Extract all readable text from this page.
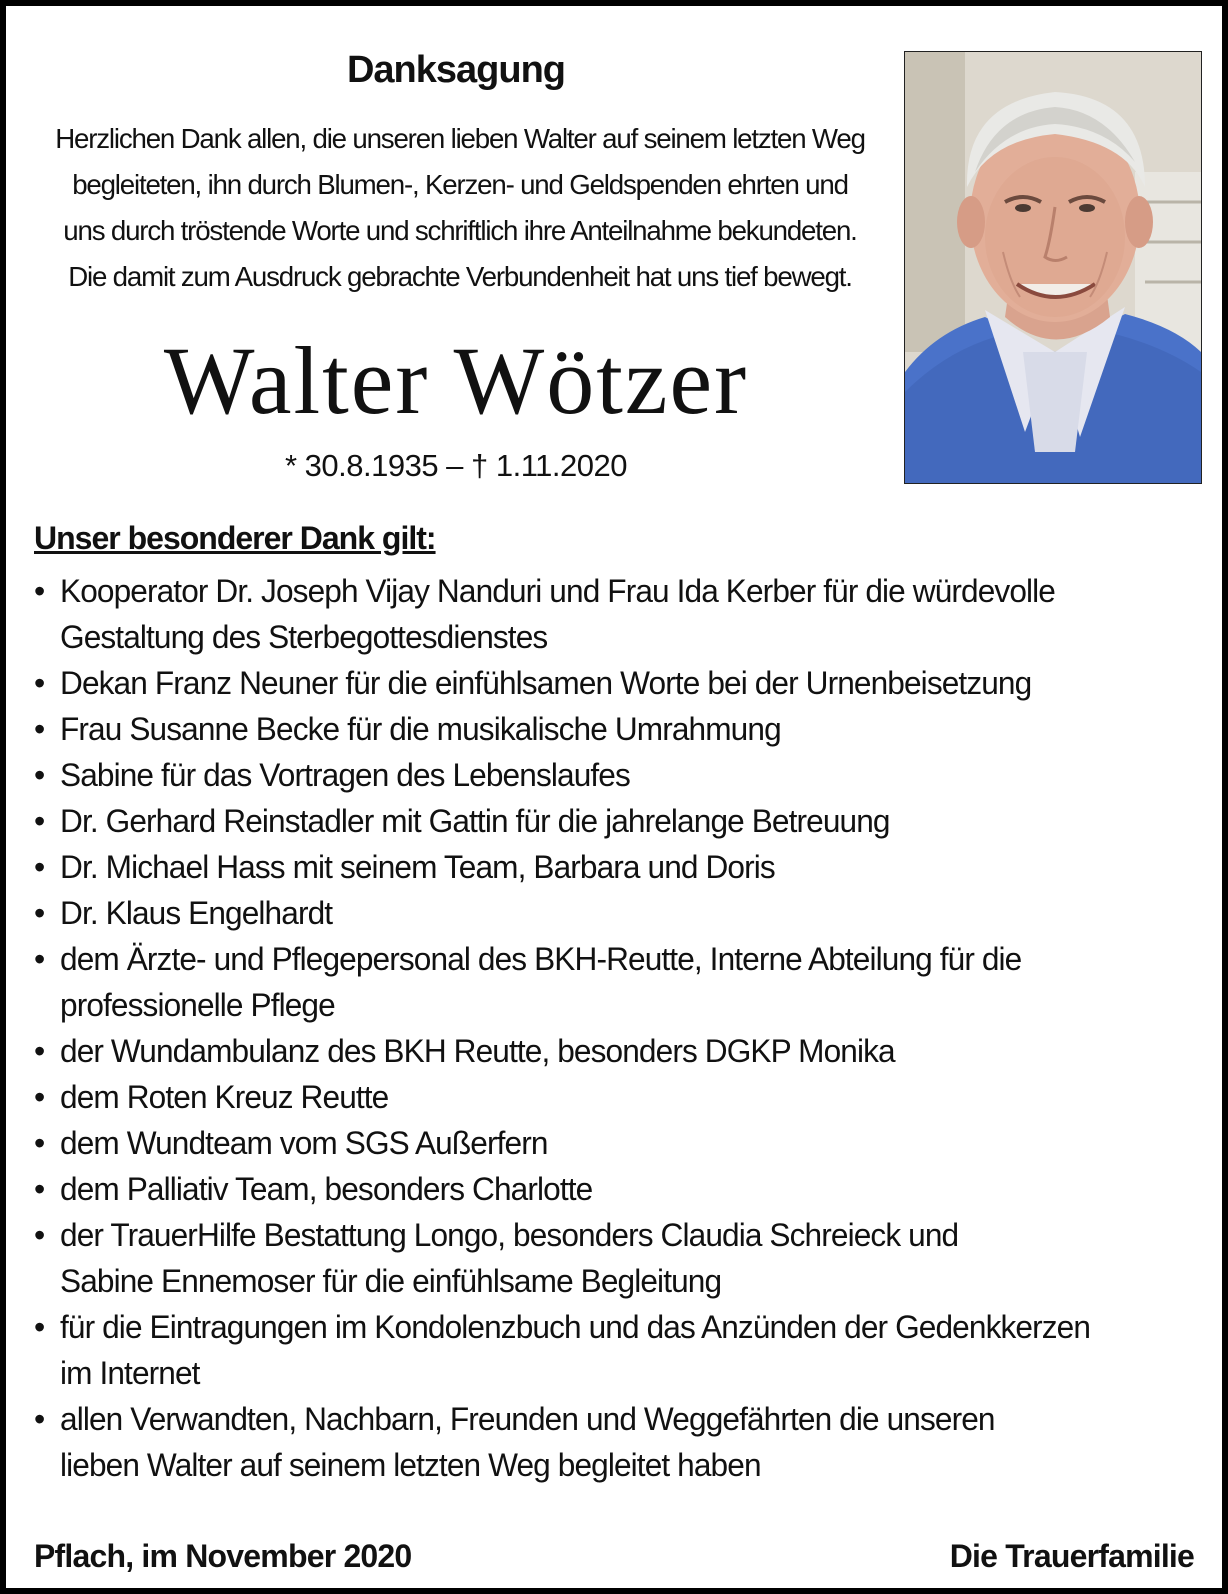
Danksagung
Herzlichen Dank allen, die unseren lieben Walter auf seinem letzten Weg
begleiteten, ihn durch Blumen-, Kerzen- und Geldspenden ehrten und
uns durch tröstende Worte und schriftlich ihre Anteilnahme bekundeten.
Die damit zum Ausdruck gebrachte Verbundenheit hat uns tief bewegt.
Walter Wötzer
* 30.8.1935 – † 1.11.2020
Unser besonderer Dank gilt:
• Kooperator Dr. Joseph Vijay Nanduri und Frau Ida Kerber für die würdevolle
Gestaltung des Sterbegottesdienstes
• Dekan Franz Neuner für die einfühlsamen Worte bei der Urnenbeisetzung
• Frau Susanne Becke für die musikalische Umrahmung
• Sabine für das Vortragen des Lebenslaufes
• Dr. Gerhard Reinstadler mit Gattin für die jahrelange Betreuung
• Dr. Michael Hass mit seinem Team, Barbara und Doris
• Dr. Klaus Engelhardt
• dem Ärzte- und Pflegepersonal des BKH-Reutte, Interne Abteilung für die
professionelle Pflege
• der Wundambulanz des BKH Reutte, besonders DGKP Monika
• dem Roten Kreuz Reutte
• dem Wundteam vom SGS Außerfern
• dem Palliativ Team, besonders Charlotte
• der TrauerHilfe Bestattung Longo, besonders Claudia Schreieck und
Sabine Ennemoser für die einfühlsame Begleitung
• für die Eintragungen im Kondolenzbuch und das Anzünden der Gedenkkerzen
im Internet
• allen Verwandten, Nachbarn, Freunden und Weggefährten die unseren
lieben Walter auf seinem letzten Weg begleitet haben
Pflach, im November 2020	Die Trauerfamilie
